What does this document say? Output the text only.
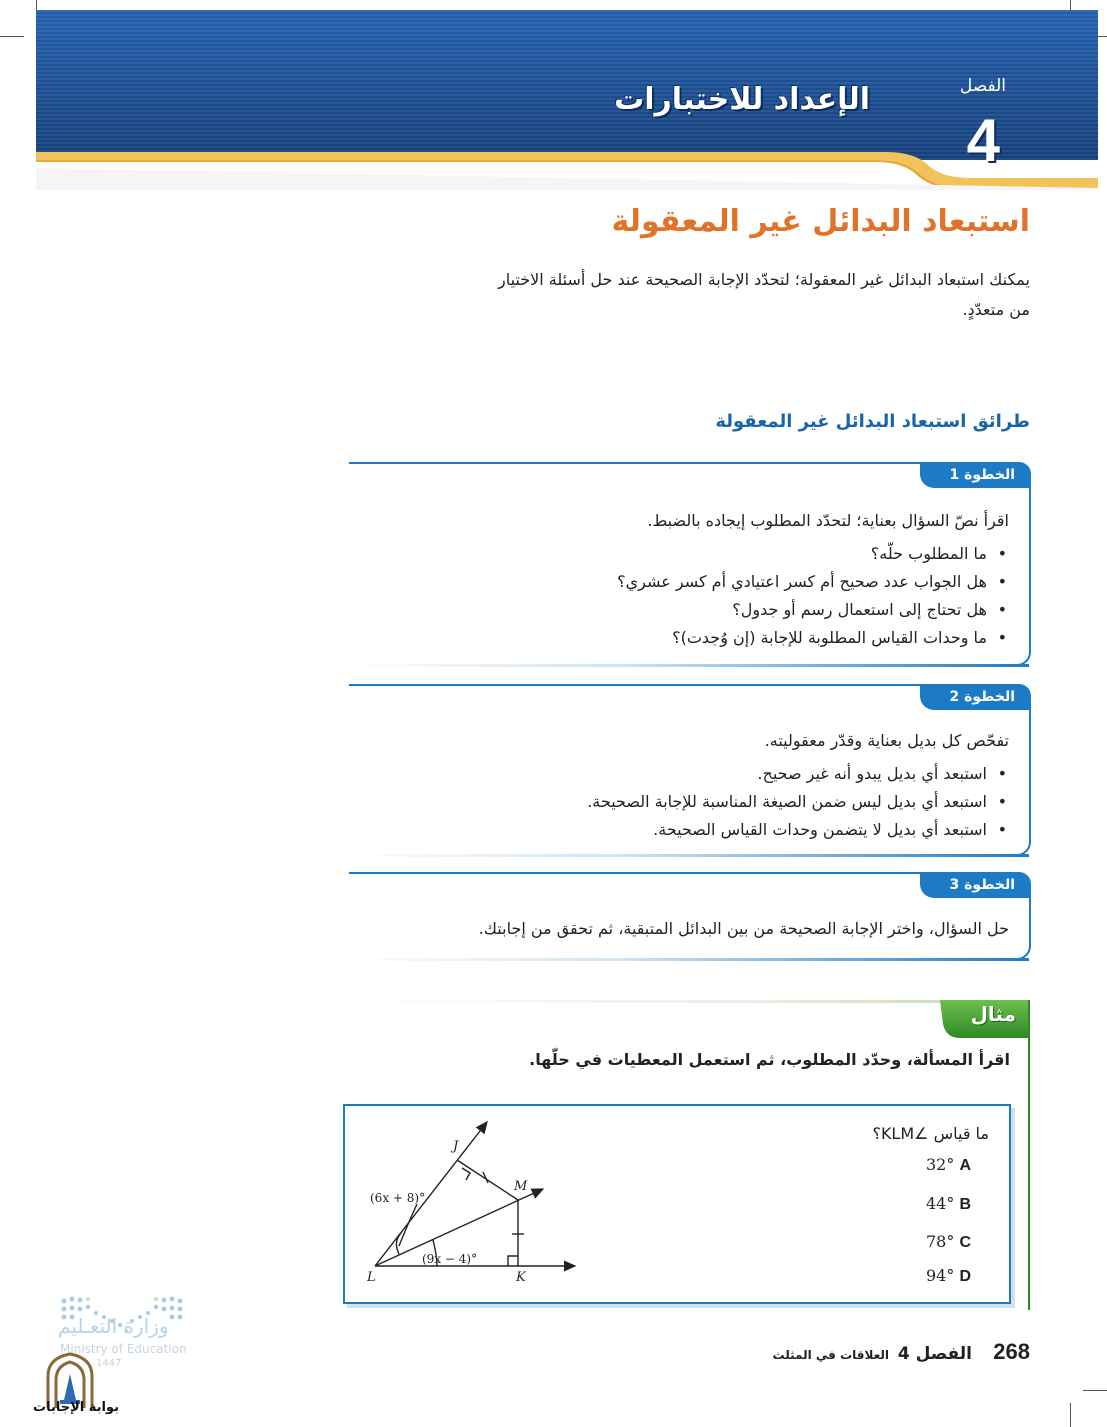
الإعداد للاختبارات	الفصل
4
استبعاد البدائل غير المعقولة
يمكنك استبعاد البدائل غير المعقولة؛ لتحدّد الإجابة الصحيحة عند حل أسئلة الاختيار من متعدّدٍ.
طرائق استبعاد البدائل غير المعقولة
الخطوة 1
اقرأ نصّ السؤال بعناية؛ لتحدّد المطلوب إيجاده بالضبط.
• ما المطلوب حلّه؟
• هل الجواب عدد صحيح أم كسر اعتيادي أم كسر عشري؟
• هل تحتاج إلى استعمال رسم أو جدول؟
• ما وحدات القياس المطلوبة للإجابة (إن وُجدت)؟
الخطوة 2
تفحّص كل بديل بعناية وقدّر معقوليته.
• استبعد أي بديل يبدو أنه غير صحيح.
• استبعد أي بديل ليس ضمن الصيغة المناسبة للإجابة الصحيحة.
• استبعد أي بديل لا يتضمن وحدات القياس الصحيحة.
الخطوة 3
حل السؤال، واختر الإجابة الصحيحة من بين البدائل المتبقية، ثم تحقق من إجابتك.
مثال
اقرأ المسألة، وحدّد المطلوب، ثم استعمل المعطيات في حلّها.
ما قياس ∠KLM؟
32° A
44° B
78° C
94° D
J
M
L	K
(6x + 8)°
(9x − 4)°
268
الفصل 4
العلاقات في المثلث
وزارة التعـليم
Ministry of Education
1447
بوابة الإجابات
